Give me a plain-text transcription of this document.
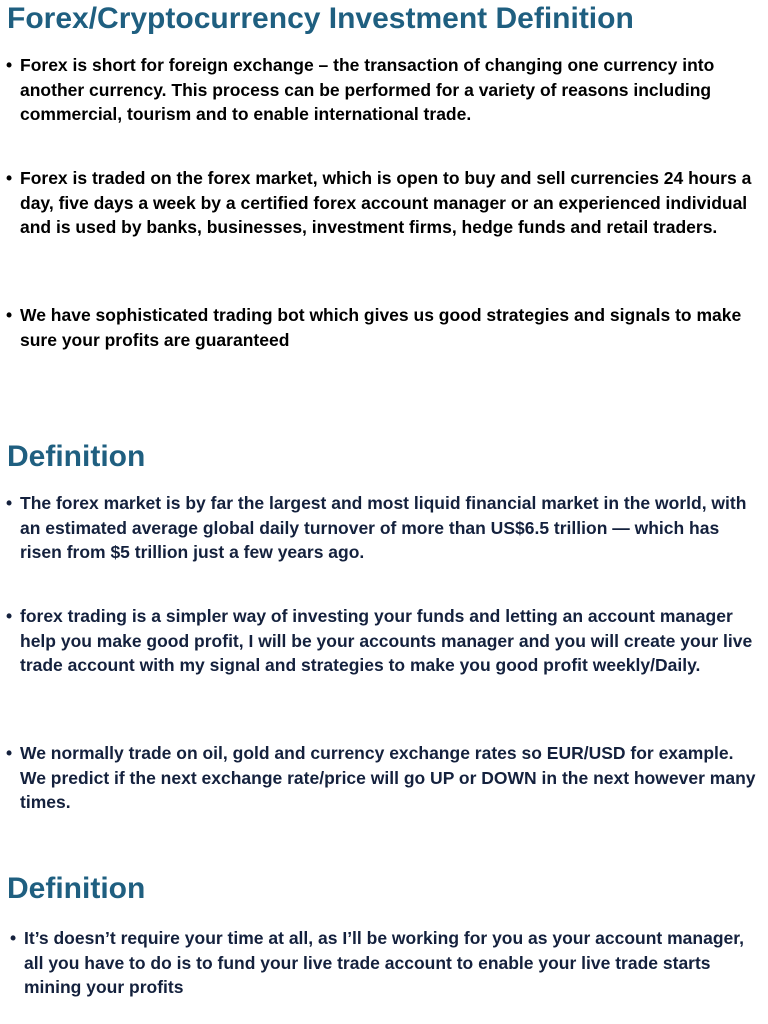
Forex/Cryptocurrency Investment Definition

• Forex is short for foreign exchange – the transaction of changing one currency into another currency. This process can be performed for a variety of reasons including commercial, tourism and to enable international trade.

• Forex is traded on the forex market, which is open to buy and sell currencies 24 hours a day, five days a week by a certified forex account manager or an experienced individual and is used by banks, businesses, investment firms, hedge funds and retail traders.

• We have sophisticated trading bot which gives us good strategies and signals to make sure your profits are guaranteed

Definition

• The forex market is by far the largest and most liquid financial market in the world, with an estimated average global daily turnover of more than US$6.5 trillion — which has risen from $5 trillion just a few years ago.

• forex trading is a simpler way of investing your funds and letting an account manager help you make good profit, I will be your accounts manager and you will create your live trade account with my signal and strategies to make you good profit weekly/Daily.

• We normally trade on oil, gold and currency exchange rates so EUR/USD for example. We predict if the next exchange rate/price will go UP or DOWN in the next however many times.

Definition

• It’s doesn’t require your time at all, as I’ll be working for you as your account manager, all you have to do is to fund your live trade account to enable your live trade starts mining your profits
